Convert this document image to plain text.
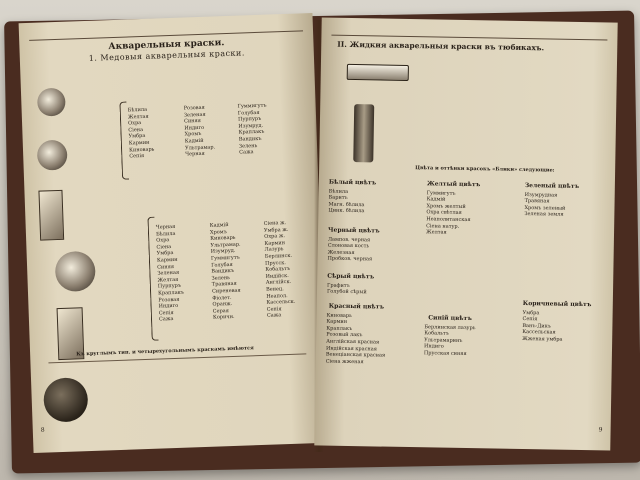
Акварельныя краски.
1. Медовыя акварельныя краски.
Бѣлила
Желтая
Охра
Сіена
Умбра
Кармин
Киноварь
Сепія
Розовая
Зеленая
Синяя
Индиго
Хромъ
Кадмій
Ультрамар.
Черная
Гуммигутъ
Голубая
Пурпуръ
Изумруд.
Краплакъ
Вандикъ
Зелень
Сажа
Черная
Бѣлила
Охра
Сіена
Умбра
Кармин
Синяя
Зеленая
Желтая
Пурпуръ
Краплакъ
Розовая
Индиго
Сепія
Сажа
Кадмій
Хромъ
Киноварь
Ультрамар.
Изумруд.
Гуммигутъ
Голубая
Вандикъ
Зелень
Травяная
Сиреневая
Фіолет.
Оранж.
Серая
Коричн.
Сіена ж.
Умбра ж.
Охра ж.
Кармин
Лазурь
Берлинск.
Прусск.
Кобальтъ
Индійск.
Англійск.
Венец.
Неапол.
Кассельск.
Сепія
Сажа
Къ круглымъ тип. и четырехугольнымъ краскамъ имѣются

8

II. Жидкия акварельныя краски въ тюбикахъ.

Цвѣта и оттѣнки красокъ «Блики» следующие:
Бѣлый цвѣтъ
Бѣлила
Баритъ
Магн. бѣлила
Цинк. бѣлила
Черный цвѣтъ
Лампов. черная
Слоновая кость
Железная
Пробков. черная
Сѣрый цвѣтъ
Графитъ
Голубой сѣрый
Красный цвѣтъ
Киноварь
Кармин
Краплакъ
Розовый лакъ
Англійская красная
Индійская красная
Венеціанская красная
Сіена жженая
Желтый цвѣтъ
Гуммигутъ
Кадмій
Хромъ желтый
Охра свѣтлая
Неаполитанская
Сіена натур.
Желтая
Синій цвѣтъ
Берлинская лазурь
Кобальтъ
Ультрамаринъ
Индиго
Прусская синяя
Зеленый цвѣтъ
Изумрудная
Травяная
Хромъ зеленый
Зеленая земля
Коричневый цвѣтъ
Умбра
Сепія
Ванъ-Дикъ
Кассельская
Жженая умбра
9
